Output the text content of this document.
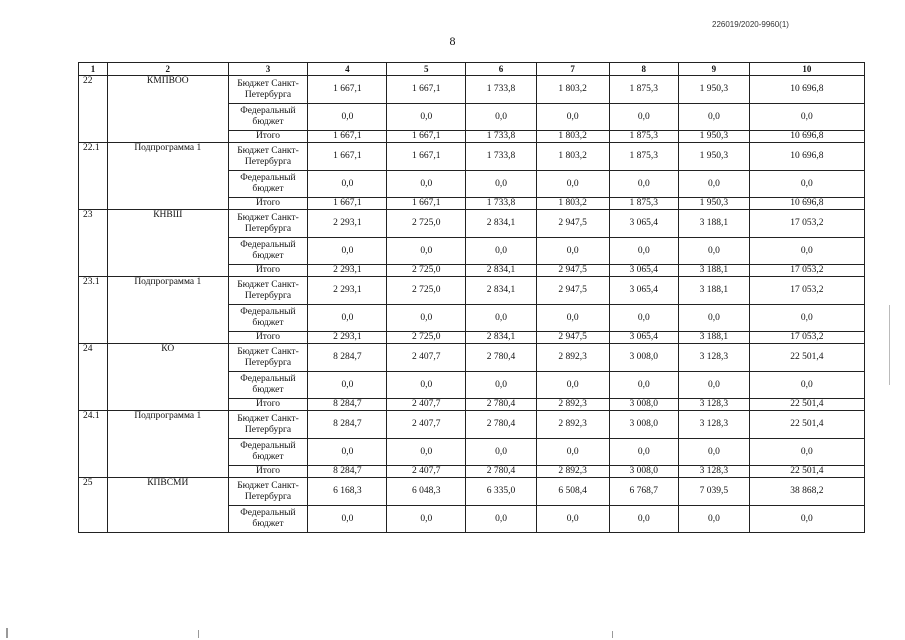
226019/2020-9960(1)
8
1	2	3	4	5	6	7	8	9	10
22	КМПВОО	Бюджет Санкт-Петербурга	1 667,1	1 667,1	1 733,8	1 803,2	1 875,3	1 950,3	10 696,8
		Федеральный бюджет	0,0	0,0	0,0	0,0	0,0	0,0	0,0
		Итого	1 667,1	1 667,1	1 733,8	1 803,2	1 875,3	1 950,3	10 696,8
22.1	Подпрограмма 1	Бюджет Санкт-Петербурга	1 667,1	1 667,1	1 733,8	1 803,2	1 875,3	1 950,3	10 696,8
		Федеральный бюджет	0,0	0,0	0,0	0,0	0,0	0,0	0,0
		Итого	1 667,1	1 667,1	1 733,8	1 803,2	1 875,3	1 950,3	10 696,8
23	КНВШ	Бюджет Санкт-Петербурга	2 293,1	2 725,0	2 834,1	2 947,5	3 065,4	3 188,1	17 053,2
		Федеральный бюджет	0,0	0,0	0,0	0,0	0,0	0,0	0,0
		Итого	2 293,1	2 725,0	2 834,1	2 947,5	3 065,4	3 188,1	17 053,2
23.1	Подпрограмма 1	Бюджет Санкт-Петербурга	2 293,1	2 725,0	2 834,1	2 947,5	3 065,4	3 188,1	17 053,2
		Федеральный бюджет	0,0	0,0	0,0	0,0	0,0	0,0	0,0
		Итого	2 293,1	2 725,0	2 834,1	2 947,5	3 065,4	3 188,1	17 053,2
24	КО	Бюджет Санкт-Петербурга	8 284,7	2 407,7	2 780,4	2 892,3	3 008,0	3 128,3	22 501,4
		Федеральный бюджет	0,0	0,0	0,0	0,0	0,0	0,0	0,0
		Итого	8 284,7	2 407,7	2 780,4	2 892,3	3 008,0	3 128,3	22 501,4
24.1	Подпрограмма 1	Бюджет Санкт-Петербурга	8 284,7	2 407,7	2 780,4	2 892,3	3 008,0	3 128,3	22 501,4
		Федеральный бюджет	0,0	0,0	0,0	0,0	0,0	0,0	0,0
		Итого	8 284,7	2 407,7	2 780,4	2 892,3	3 008,0	3 128,3	22 501,4
25	КПВСМИ	Бюджет Санкт-Петербурга	6 168,3	6 048,3	6 335,0	6 508,4	6 768,7	7 039,5	38 868,2
		Федеральный бюджет	0,0	0,0	0,0	0,0	0,0	0,0	0,0
